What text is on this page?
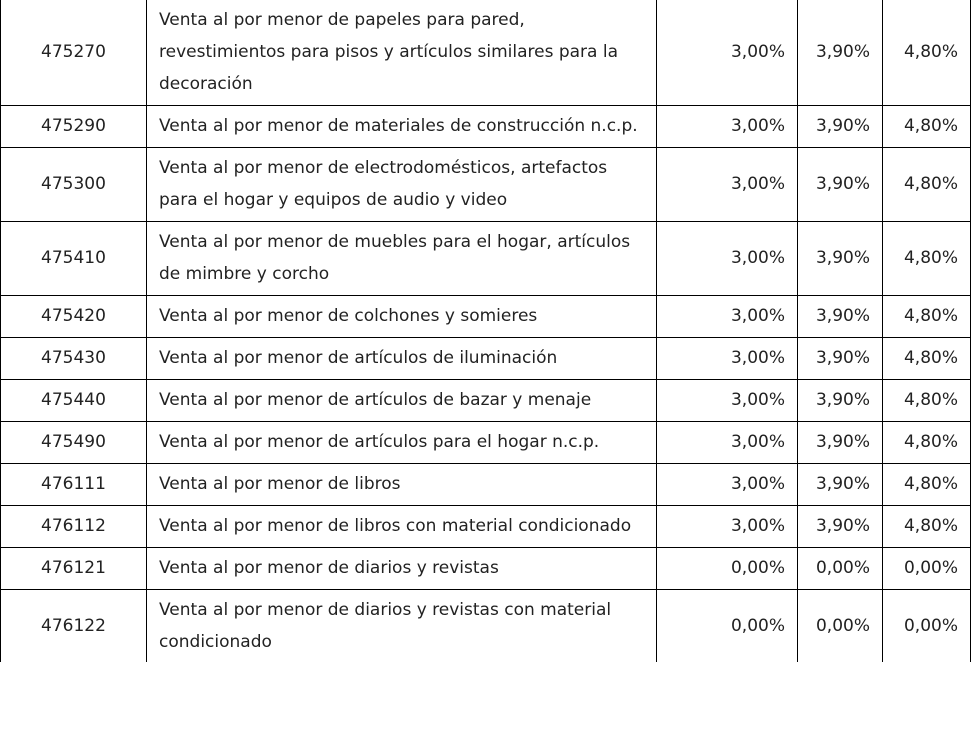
475270	Venta al por menor de papeles para pared, revestimientos para pisos y artículos similares para la decoración	3,00%	3,90%	4,80%
475290	Venta al por menor de materiales de construcción n.c.p.	3,00%	3,90%	4,80%
475300	Venta al por menor de electrodomésticos, artefactos para el hogar y equipos de audio y video	3,00%	3,90%	4,80%
475410	Venta al por menor de muebles para el hogar, artículos de mimbre y corcho	3,00%	3,90%	4,80%
475420	Venta al por menor de colchones y somieres	3,00%	3,90%	4,80%
475430	Venta al por menor de artículos de iluminación	3,00%	3,90%	4,80%
475440	Venta al por menor de artículos de bazar y menaje	3,00%	3,90%	4,80%
475490	Venta al por menor de artículos para el hogar n.c.p.	3,00%	3,90%	4,80%
476111	Venta al por menor de libros	3,00%	3,90%	4,80%
476112	Venta al por menor de libros con material condicionado	3,00%	3,90%	4,80%
476121	Venta al por menor de diarios y revistas	0,00%	0,00%	0,00%
476122	Venta al por menor de diarios y revistas con material condicionado	0,00%	0,00%	0,00%
